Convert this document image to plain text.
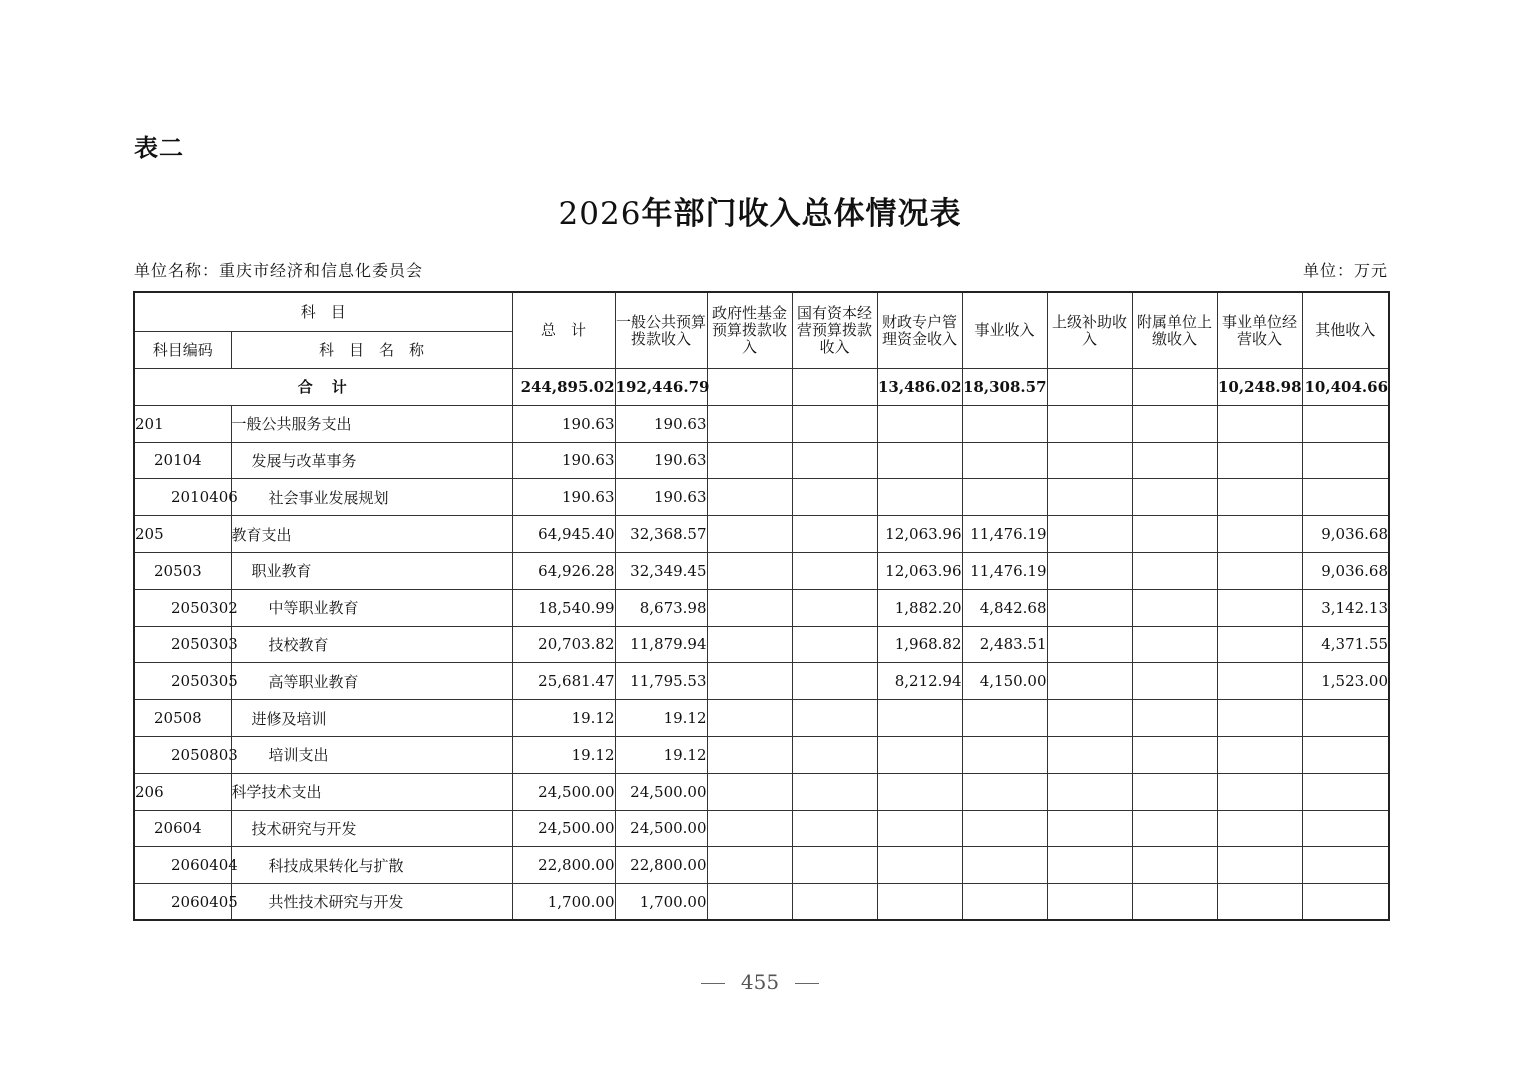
表二
2026年部门收入总体情况表
单位名称：重庆市经济和信息化委员会	单位：万元
科　目		总　计	一般公共预算拨款收入	政府性基金预算拨款收入	国有资本经营预算拨款收入	财政专户管理资金收入	事业收入	上级补助收入	附属单位上缴收入	事业单位经营收入	其他收入
科目编码	科　目　名　称										
合　计		244,895.02	192,446.79			13,486.02	18,308.57			10,248.98	10,404.66
201	一般公共服务支出	190.63	190.63								
20104	发展与改革事务	190.63	190.63								
2010406	社会事业发展规划	190.63	190.63								
205	教育支出	64,945.40	32,368.57			12,063.96	11,476.19				9,036.68
20503	职业教育	64,926.28	32,349.45			12,063.96	11,476.19				9,036.68
2050302	中等职业教育	18,540.99	8,673.98			1,882.20	4,842.68				3,142.13
2050303	技校教育	20,703.82	11,879.94			1,968.82	2,483.51				4,371.55
2050305	高等职业教育	25,681.47	11,795.53			8,212.94	4,150.00				1,523.00
20508	进修及培训	19.12	19.12								
2050803	培训支出	19.12	19.12								
206	科学技术支出	24,500.00	24,500.00								
20604	技术研究与开发	24,500.00	24,500.00								
2060404	科技成果转化与扩散	22,800.00	22,800.00								
2060405	共性技术研究与开发	1,700.00	1,700.00								
455
